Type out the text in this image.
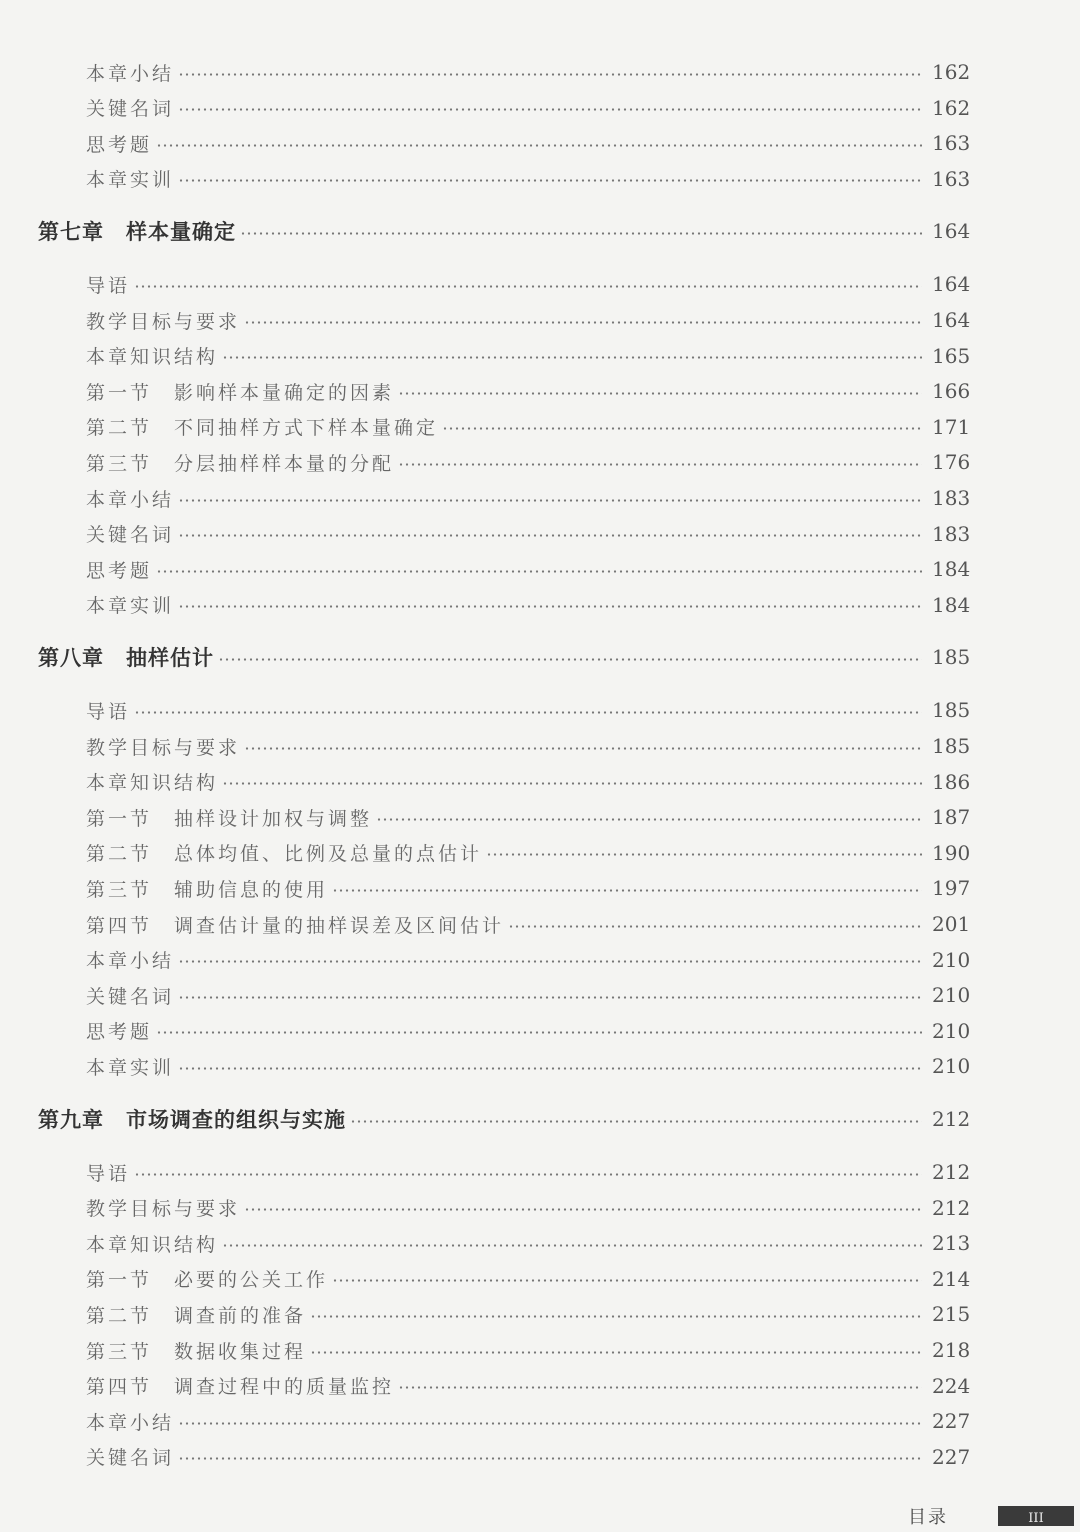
本章小结	162
关键名词	162
思考题	163
本章实训	163
第七章　样本量确定	164
导语	164
教学目标与要求	164
本章知识结构	165
第一节　影响样本量确定的因素	166
第二节　不同抽样方式下样本量确定	171
第三节　分层抽样样本量的分配	176
本章小结	183
关键名词	183
思考题	184
本章实训	184
第八章　抽样估计	185
导语	185
教学目标与要求	185
本章知识结构	186
第一节　抽样设计加权与调整	187
第二节　总体均值、比例及总量的点估计	190
第三节　辅助信息的使用	197
第四节　调查估计量的抽样误差及区间估计	201
本章小结	210
关键名词	210
思考题	210
本章实训	210
第九章　市场调查的组织与实施	212
导语	212
教学目标与要求	212
本章知识结构	213
第一节　必要的公关工作	214
第二节　调查前的准备	215
第三节　数据收集过程	218
第四节　调查过程中的质量监控	224
本章小结	227
关键名词	227
目录	III
